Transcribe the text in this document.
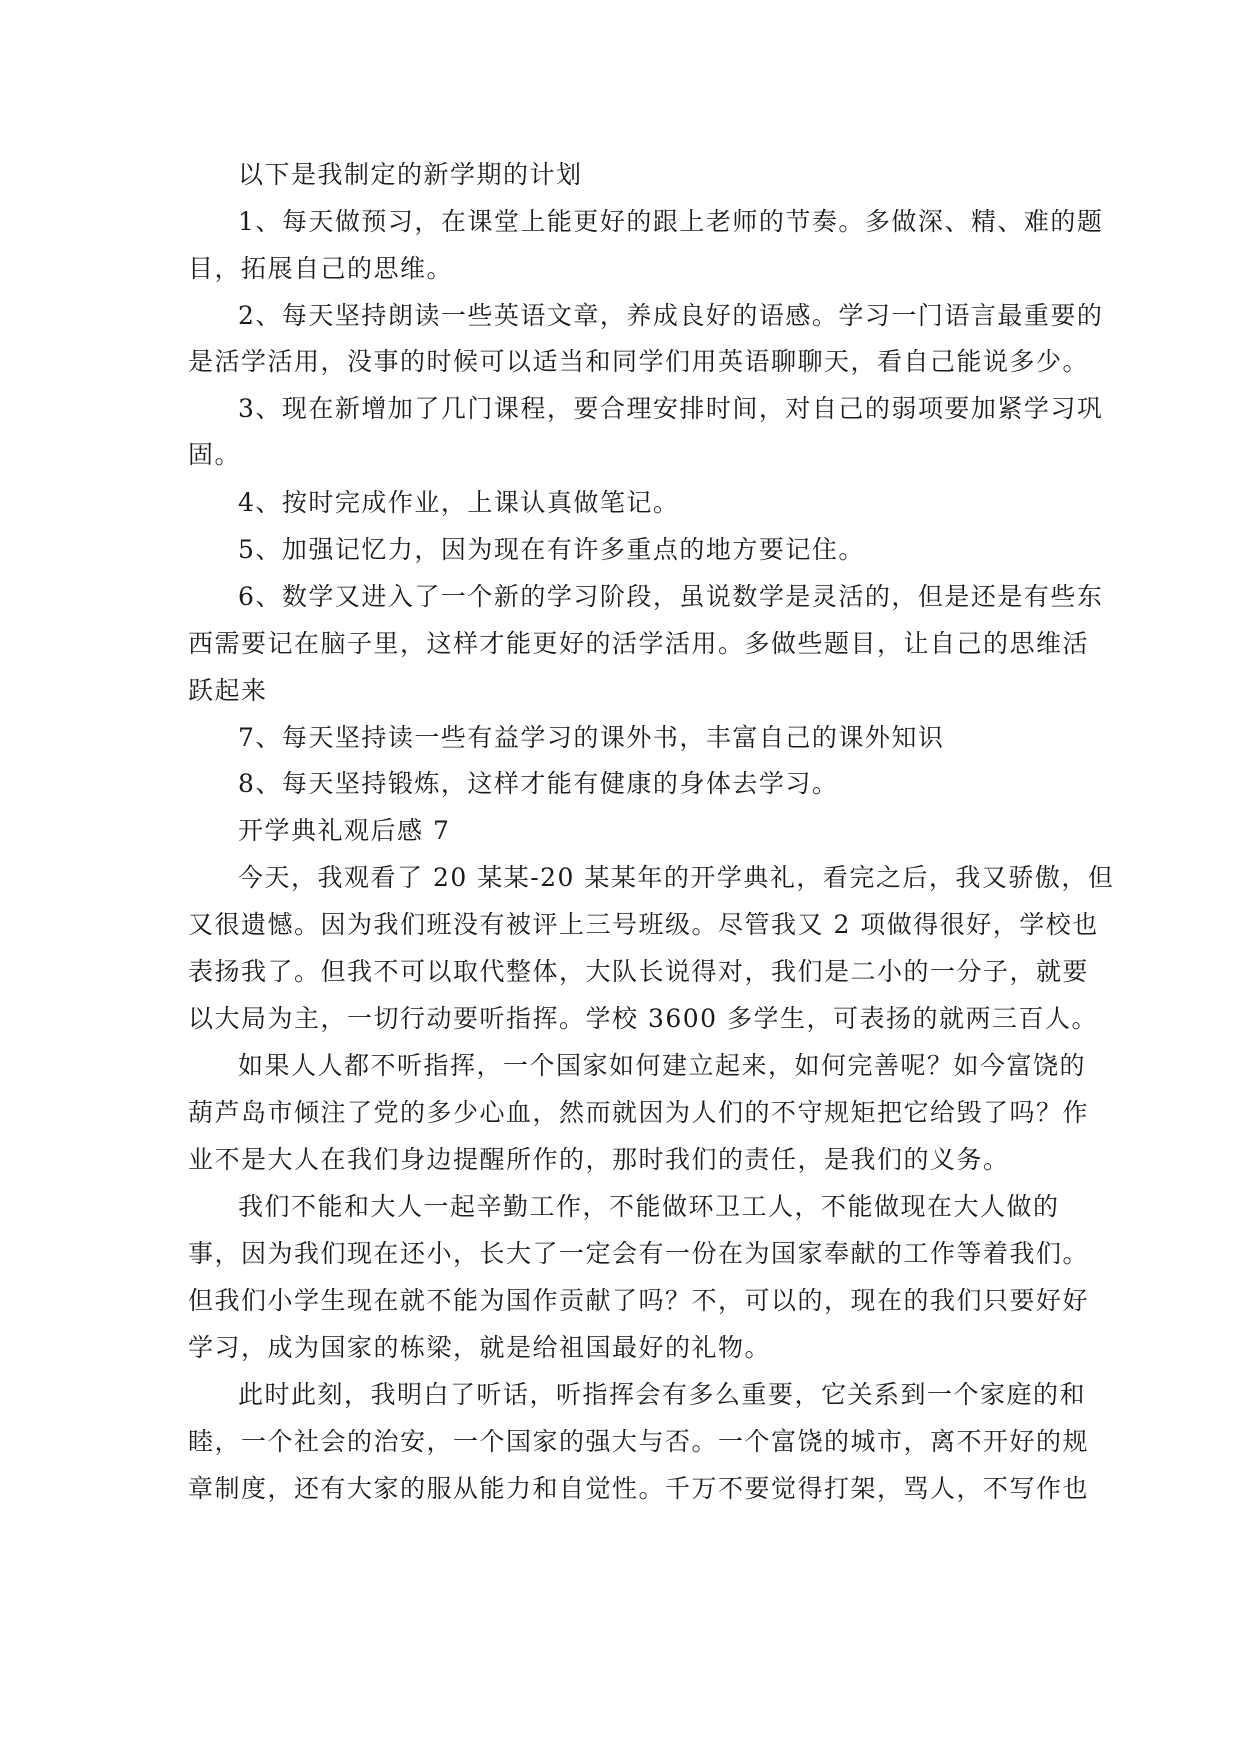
以下是我制定的新学期的计划
1、每天做预习，在课堂上能更好的跟上老师的节奏。多做深、精、难的题
目，拓展自己的思维。
2、每天坚持朗读一些英语文章，养成良好的语感。学习一门语言最重要的
是活学活用，没事的时候可以适当和同学们用英语聊聊天，看自己能说多少。
3、现在新增加了几门课程，要合理安排时间，对自己的弱项要加紧学习巩
固。
4、按时完成作业，上课认真做笔记。
5、加强记忆力，因为现在有许多重点的地方要记住。
6、数学又进入了一个新的学习阶段，虽说数学是灵活的，但是还是有些东
西需要记在脑子里，这样才能更好的活学活用。多做些题目，让自己的思维活
跃起来
7、每天坚持读一些有益学习的课外书，丰富自己的课外知识
8、每天坚持锻炼，这样才能有健康的身体去学习。
开学典礼观后感 7
今天，我观看了 20 某某-20 某某年的开学典礼，看完之后，我又骄傲，但
又很遗憾。因为我们班没有被评上三号班级。尽管我又 2 项做得很好，学校也
表扬我了。但我不可以取代整体，大队长说得对，我们是二小的一分子，就要
以大局为主，一切行动要听指挥。学校 3600 多学生，可表扬的就两三百人。
如果人人都不听指挥，一个国家如何建立起来，如何完善呢？如今富饶的
葫芦岛市倾注了党的多少心血，然而就因为人们的不守规矩把它给毁了吗？作
业不是大人在我们身边提醒所作的，那时我们的责任，是我们的义务。
我们不能和大人一起辛勤工作，不能做环卫工人，不能做现在大人做的
事，因为我们现在还小，长大了一定会有一份在为国家奉献的工作等着我们。
但我们小学生现在就不能为国作贡献了吗？不，可以的，现在的我们只要好好
学习，成为国家的栋梁，就是给祖国最好的礼物。
此时此刻，我明白了听话，听指挥会有多么重要，它关系到一个家庭的和
睦，一个社会的治安，一个国家的强大与否。一个富饶的城市，离不开好的规
章制度，还有大家的服从能力和自觉性。千万不要觉得打架，骂人，不写作也
